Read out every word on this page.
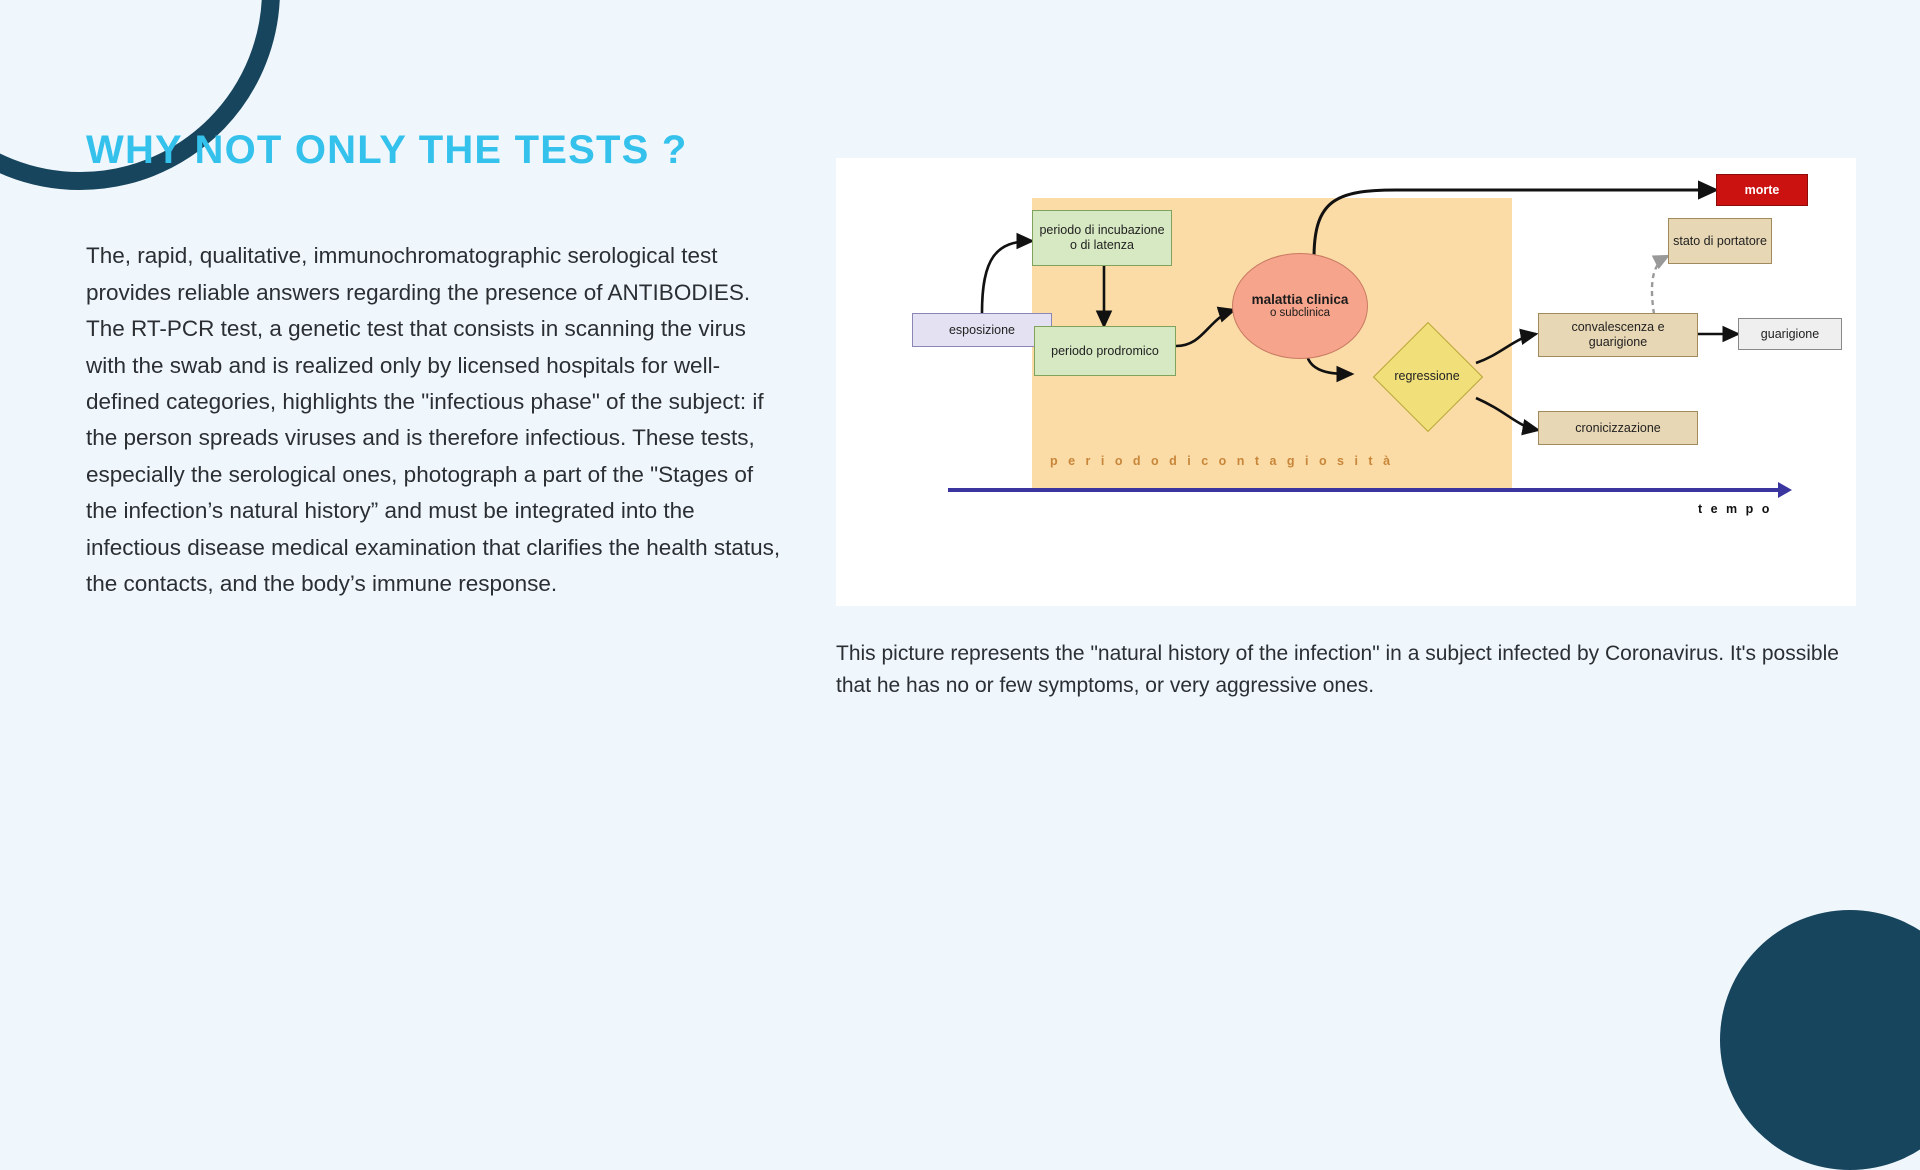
WHY NOT ONLY THE TESTS ?

The, rapid, qualitative, immunochromatographic serological test provides reliable answers regarding the presence of ANTIBODIES. The RT-PCR test, a genetic test that consists in scanning the virus with the swab and is realized only by licensed hospitals for well-defined categories, highlights the "infectious phase" of the subject: if the person spreads viruses and is therefore infectious. These tests, especially the serological ones, photograph a part of the "Stages of the infection’s natural history” and must be integrated into the infectious disease medical examination that clarifies the health status, the contacts, and the body’s immune response.

esposizione
periodo di incubazione o di latenza
periodo prodromico
malattia clinica
o subclinica
regressione
stato di portatore
convalescenza e guarigione
guarigione
cronicizzazione
morte
p e r i o d o d i c o n t a g i o s i t à
t e m p o
This picture represents the "natural history of the infection" in a subject infected by Coronavirus. It's possible that he has no or few symptoms, or very aggressive ones.
